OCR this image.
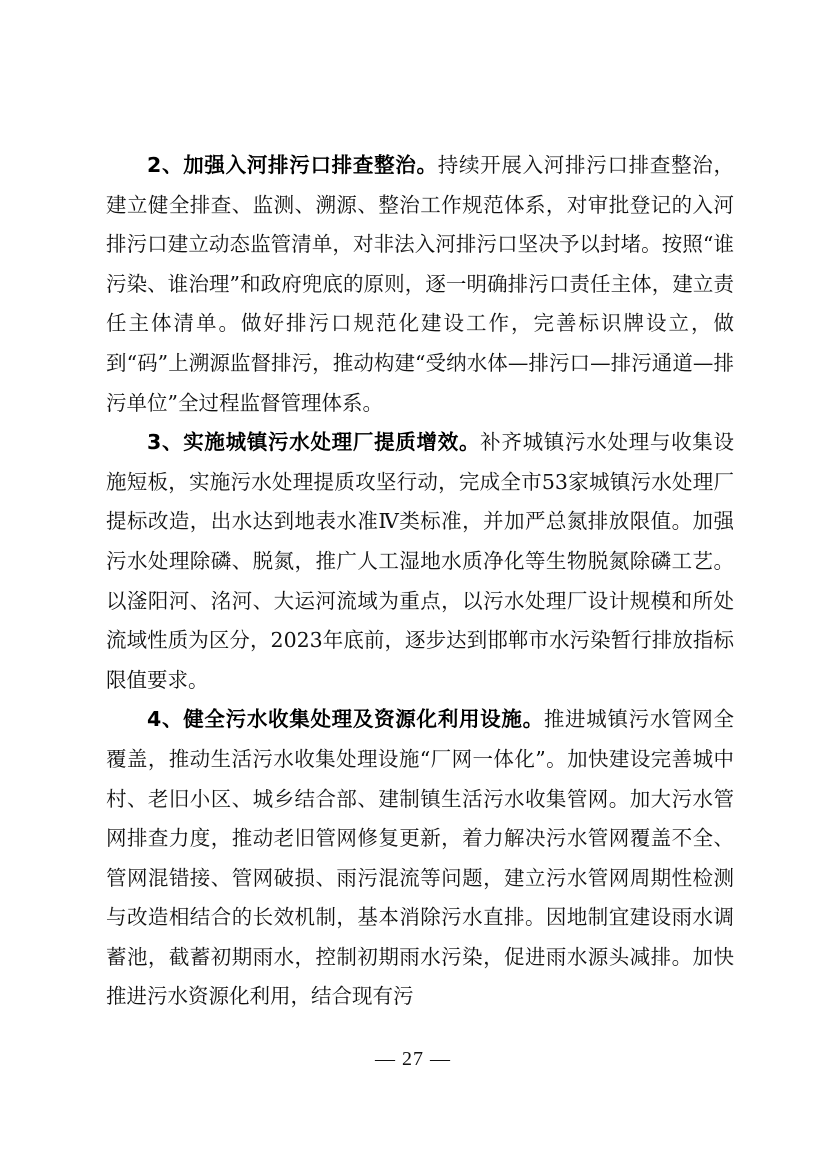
2、加强入河排污口排查整治。持续开展入河排污口排查整治，建立健全排查、监测、溯源、整治工作规范体系，对审批登记的入河排污口建立动态监管清单，对非法入河排污口坚决予以封堵。按照“谁污染、谁治理”和政府兜底的原则，逐一明确排污口责任主体，建立责任主体清单。做好排污口规范化建设工作，完善标识牌设立，做到“码”上溯源监督排污，推动构建“受纳水体—排污口—排污通道—排污单位”全过程监督管理体系。

3、实施城镇污水处理厂提质增效。补齐城镇污水处理与收集设施短板，实施污水处理提质攻坚行动，完成全市53家城镇污水处理厂提标改造，出水达到地表水准Ⅳ类标准，并加严总氮排放限值。加强污水处理除磷、脱氮，推广人工湿地水质净化等生物脱氮除磷工艺。以滏阳河、洺河、大运河流域为重点，以污水处理厂设计规模和所处流域性质为区分，2023年底前，逐步达到邯郸市水污染暂行排放指标限值要求。

4、健全污水收集处理及资源化利用设施。推进城镇污水管网全覆盖，推动生活污水收集处理设施“厂网一体化”。加快建设完善城中村、老旧小区、城乡结合部、建制镇生活污水收集管网。加大污水管网排查力度，推动老旧管网修复更新，着力解决污水管网覆盖不全、管网混错接、管网破损、雨污混流等问题，建立污水管网周期性检测与改造相结合的长效机制，基本消除污水直排。因地制宜建设雨水调蓄池，截蓄初期雨水，控制初期雨水污染，促进雨水源头减排。加快推进污水资源化利用，结合现有污

— 27 —
